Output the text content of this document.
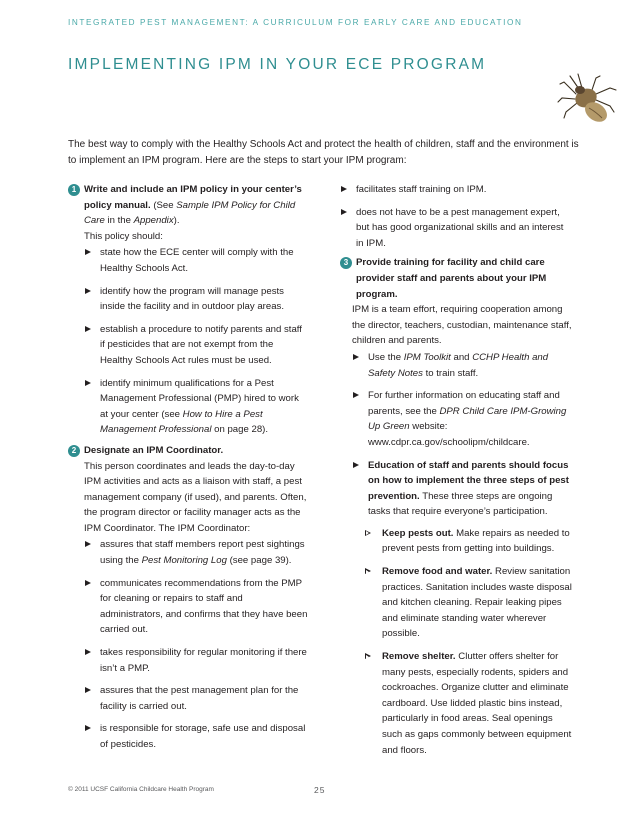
INTEGRATED PEST MANAGEMENT: A CURRICULUM FOR EARLY CARE AND EDUCATION
IMPLEMENTING IPM IN YOUR ECE PROGRAM

The best way to comply with the Healthy Schools Act and protect the health of children, staff and the environment is to implement an IPM program. Here are the steps to start your IPM program:

1 Write and include an IPM policy in your center’s policy manual. (See Sample IPM Policy for Child Care in the Appendix).
This policy should:
state how the ECE center will comply with the Healthy Schools Act.
identify how the program will manage pests inside the facility and in outdoor play areas.
establish a procedure to notify parents and staff if pesticides that are not exempt from the Healthy Schools Act rules must be used.
identify minimum qualifications for a Pest Management Professional (PMP) hired to work at your center (see How to Hire a Pest Management Professional on page 28).
2 Designate an IPM Coordinator.
This person coordinates and leads the day-to-day IPM activities and acts as a liaison with staff, a pest management company (if used), and parents. Often, the program director or facility manager acts as the IPM Coordinator. The IPM Coordinator:
assures that staff members report pest sightings using the Pest Monitoring Log (see page 39).
communicates recommendations from the PMP for cleaning or repairs to staff and administrators, and confirms that they have been carried out.
takes responsibility for regular monitoring if there isn’t a PMP.
assures that the pest management plan for the facility is carried out.
is responsible for storage, safe use and disposal of pesticides.
facilitates staff training on IPM.
does not have to be a pest management expert, but has good organizational skills and an interest in IPM.
3 Provide training for facility and child care provider staff and parents about your IPM program.
IPM is a team effort, requiring cooperation among the director, teachers, custodian, maintenance staff, children and parents.
Use the IPM Toolkit and CCHP Health and Safety Notes to train staff.
For further information on educating staff and parents, see the DPR Child Care IPM-Growing Up Green website: www.cdpr.ca.gov/schoolipm/childcare.
Education of staff and parents should focus on how to implement the three steps of pest prevention. These three steps are ongoing tasks that require everyone’s participation.
Keep pests out. Make repairs as needed to prevent pests from getting into buildings.
Remove food and water. Review sanitation practices. Sanitation includes waste disposal and kitchen cleaning. Repair leaking pipes and eliminate standing water wherever possible.
Remove shelter. Clutter offers shelter for many pests, especially rodents, spiders and cockroaches. Organize clutter and eliminate cardboard. Use lidded plastic bins instead, particularly in food areas. Seal openings such as gaps commonly between equipment and floors.
© 2011 UCSF California Childcare Health Program	25
